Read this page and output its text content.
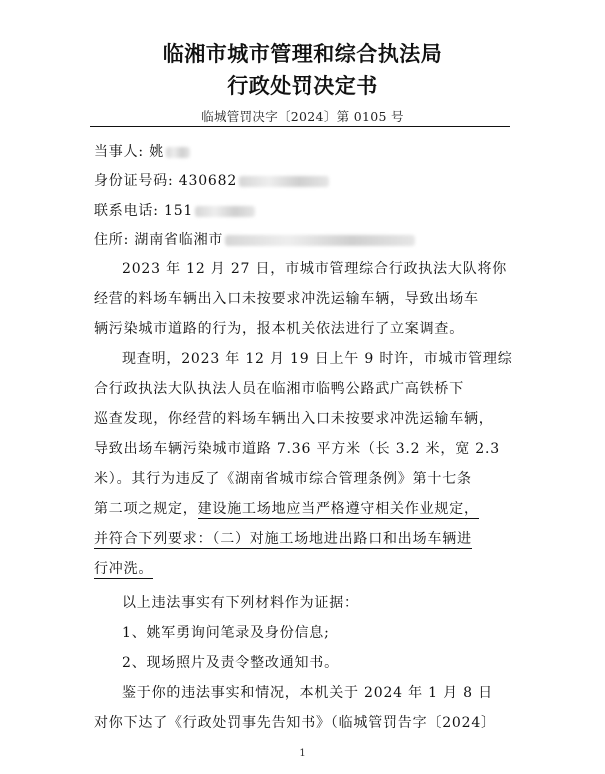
临湘市城市管理和综合执法局
行政处罚决定书
临城管罚决字〔2024〕第 0105 号
当事人: 姚
身份证号码: 430682
联系电话: 151
住所: 湖南省临湘市
2023 年 12 月 27 日，市城市管理综合行政执法大队将你
经营的料场车辆出入口未按要求冲洗运输车辆，导致出场车
辆污染城市道路的行为，报本机关依法进行了立案调查。
现查明，2023 年 12 月 19 日上午 9 时许，市城市管理综
合行政执法大队执法人员在临湘市临鸭公路武广高铁桥下
巡查发现，你经营的料场车辆出入口未按要求冲洗运输车辆，
导致出场车辆污染城市道路 7.36 平方米（长 3.2 米，宽 2.3
米）。其行为违反了《湖南省城市综合管理条例》第十七条
第二项之规定，建设施工场地应当严格遵守相关作业规定，
并符合下列要求：（二）对施工场地进出路口和出场车辆进
行冲洗。
以上违法事实有下列材料作为证据：
1、姚军勇询问笔录及身份信息;
2、现场照片及责令整改通知书。
鉴于你的违法事实和情况，本机关于 2024 年 1 月 8 日
对你下达了《行政处罚事先告知书》（临城管罚告字〔2024〕
1
